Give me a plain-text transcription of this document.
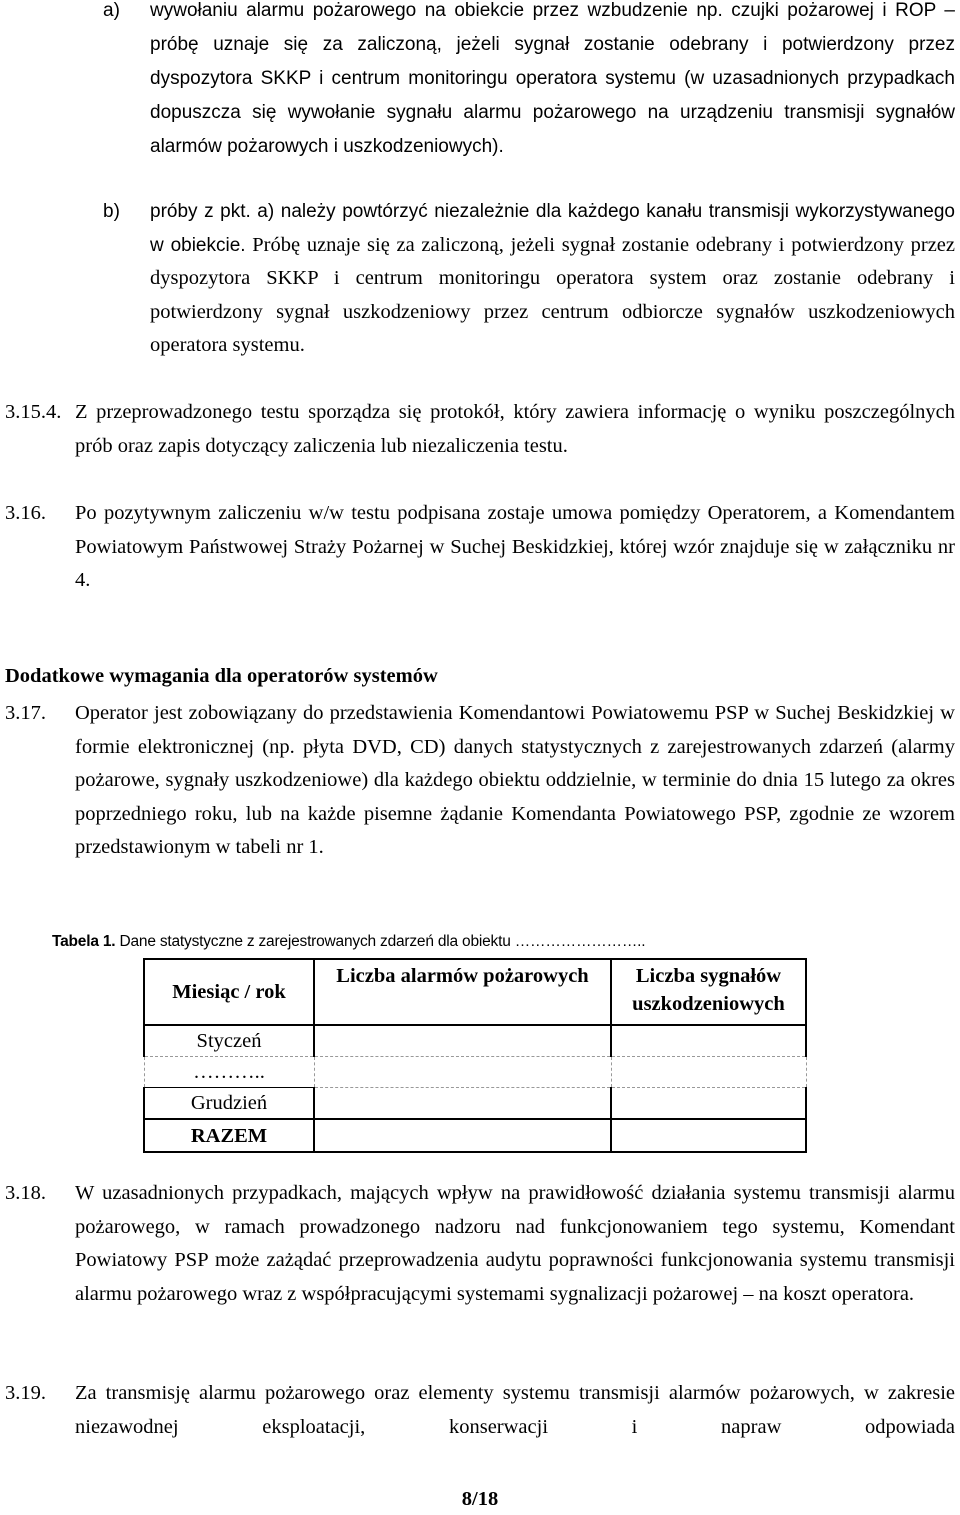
a) wywołaniu alarmu pożarowego na obiekcie przez wzbudzenie np. czujki pożarowej i ROP – próbę uznaje się za zaliczoną, jeżeli sygnał zostanie odebrany i potwierdzony przez dyspozytora SKKP i centrum monitoringu operatora systemu (w uzasadnionych przypadkach dopuszcza się wywołanie sygnału alarmu pożarowego na urządzeniu transmisji sygnałów alarmów pożarowych i uszkodzeniowych).
b) próby z pkt. a) należy powtórzyć niezależnie dla każdego kanału transmisji wykorzystywanego w obiekcie. Próbę uznaje się za zaliczoną, jeżeli sygnał zostanie odebrany i potwierdzony przez dyspozytora SKKP i centrum monitoringu operatora system oraz zostanie odebrany i potwierdzony sygnał uszkodzeniowy przez centrum odbiorcze sygnałów uszkodzeniowych operatora systemu.
3.15.4. Z przeprowadzonego testu sporządza się protokół, który zawiera informację o wyniku poszczególnych prób oraz zapis dotyczący zaliczenia lub niezaliczenia testu.
3.16. Po pozytywnym zaliczeniu w/w testu podpisana zostaje umowa pomiędzy Operatorem, a Komendantem Powiatowym Państwowej Straży Pożarnej w Suchej Beskidzkiej, której wzór znajduje się w załączniku nr 4.
Dodatkowe wymagania dla operatorów systemów
3.17. Operator jest zobowiązany do przedstawienia Komendantowi Powiatowemu PSP w Suchej Beskidzkiej w formie elektronicznej (np. płyta DVD, CD) danych statystycznych z zarejestrowanych zdarzeń (alarmy pożarowe, sygnały uszkodzeniowe) dla każdego obiektu oddzielnie, w terminie do dnia 15 lutego za okres poprzedniego roku, lub na każde pisemne żądanie Komendanta Powiatowego PSP, zgodnie ze wzorem przedstawionym w tabeli nr 1.
Tabela 1. Dane statystyczne z zarejestrowanych zdarzeń dla obiektu ……………………..
Miesiąc / rok	Liczba alarmów pożarowych	Liczba sygnałów uszkodzeniowych
Styczeń		
………..		
Grudzień		
RAZEM		
3.18. W uzasadnionych przypadkach, mających wpływ na prawidłowość działania systemu transmisji alarmu pożarowego, w ramach prowadzonego nadzoru nad funkcjonowaniem tego systemu, Komendant Powiatowy PSP może zażądać przeprowadzenia audytu poprawności funkcjonowania systemu transmisji alarmu pożarowego wraz z współpracującymi systemami sygnalizacji pożarowej – na koszt operatora.
3.19. Za transmisję alarmu pożarowego oraz elementy systemu transmisji alarmów pożarowych, w zakresie niezawodnej eksploatacji, konserwacji i napraw odpowiada
8/18
